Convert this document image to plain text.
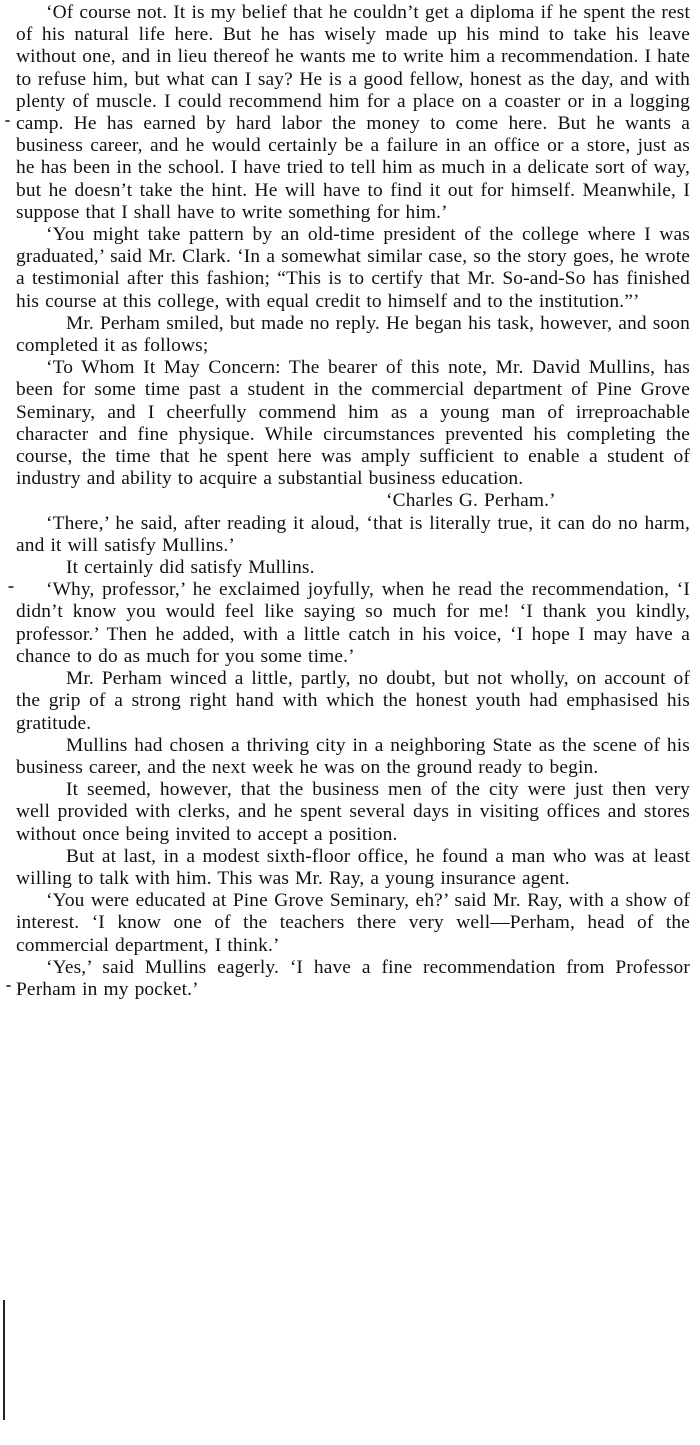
‘Of course not. It is my belief that he couldn’t get a diploma if he spent the rest of his natural life here. But he has wisely made up his mind to take his leave without one, and in lieu thereof he wants me to write him a recommendation. I hate to refuse him, but what can I say? He is a good fellow, honest as the day, and with plenty of muscle. I could recommend him for a place on a coaster or in a logging camp. He has earned by hard labor the money to come here. But he wants a business career, and he would certainly be a failure in an office or a store, just as he has been in the school. I have tried to tell him as much in a delicate sort of way, but he doesn’t take the hint. He will have to find it out for himself. Meanwhile, I suppose that I shall have to write something for him.’

‘You might take pattern by an old-time president of the college where I was graduated,’ said Mr. Clark. ‘In a somewhat similar case, so the story goes, he wrote a testimonial after this fashion; “This is to certify that Mr. So-and-So has finished his course at this college, with equal credit to himself and to the institution.”’

Mr. Perham smiled, but made no reply. He began his task, however, and soon completed it as follows;

‘To Whom It May Concern: The bearer of this note, Mr. David Mullins, has been for some time past a student in the commercial department of Pine Grove Seminary, and I cheerfully commend him as a young man of irreproachable character and fine physique. While circumstances prevented his completing the course, the time that he spent here was amply sufficient to enable a student of industry and ability to acquire a substantial business education.

‘Charles G. Perham.’

‘There,’ he said, after reading it aloud, ‘that is literally true, it can do no harm, and it will satisfy Mullins.’

It certainly did satisfy Mullins.

‘Why, professor,’ he exclaimed joyfully, when he read the recommendation, ‘I didn’t know you would feel like saying so much for me! ‘I thank you kindly, professor.’ Then he added, with a little catch in his voice, ‘I hope I may have a chance to do as much for you some time.’

Mr. Perham winced a little, partly, no doubt, but not wholly, on account of the grip of a strong right hand with which the honest youth had emphasised his gratitude.

Mullins had chosen a thriving city in a neighboring State as the scene of his business career, and the next week he was on the ground ready to begin.

It seemed, however, that the business men of the city were just then very well provided with clerks, and he spent several days in visiting offices and stores without once being invited to accept a position.

But at last, in a modest sixth-floor office, he found a man who was at least willing to talk with him. This was Mr. Ray, a young insurance agent.

‘You were educated at Pine Grove Seminary, eh?’ said Mr. Ray, with a show of interest. ‘I know one of the teachers there very well—Perham, head of the commercial department, I think.’

‘Yes,’ said Mullins eagerly. ‘I have a fine recommendation from Professor Perham in my pocket.’
